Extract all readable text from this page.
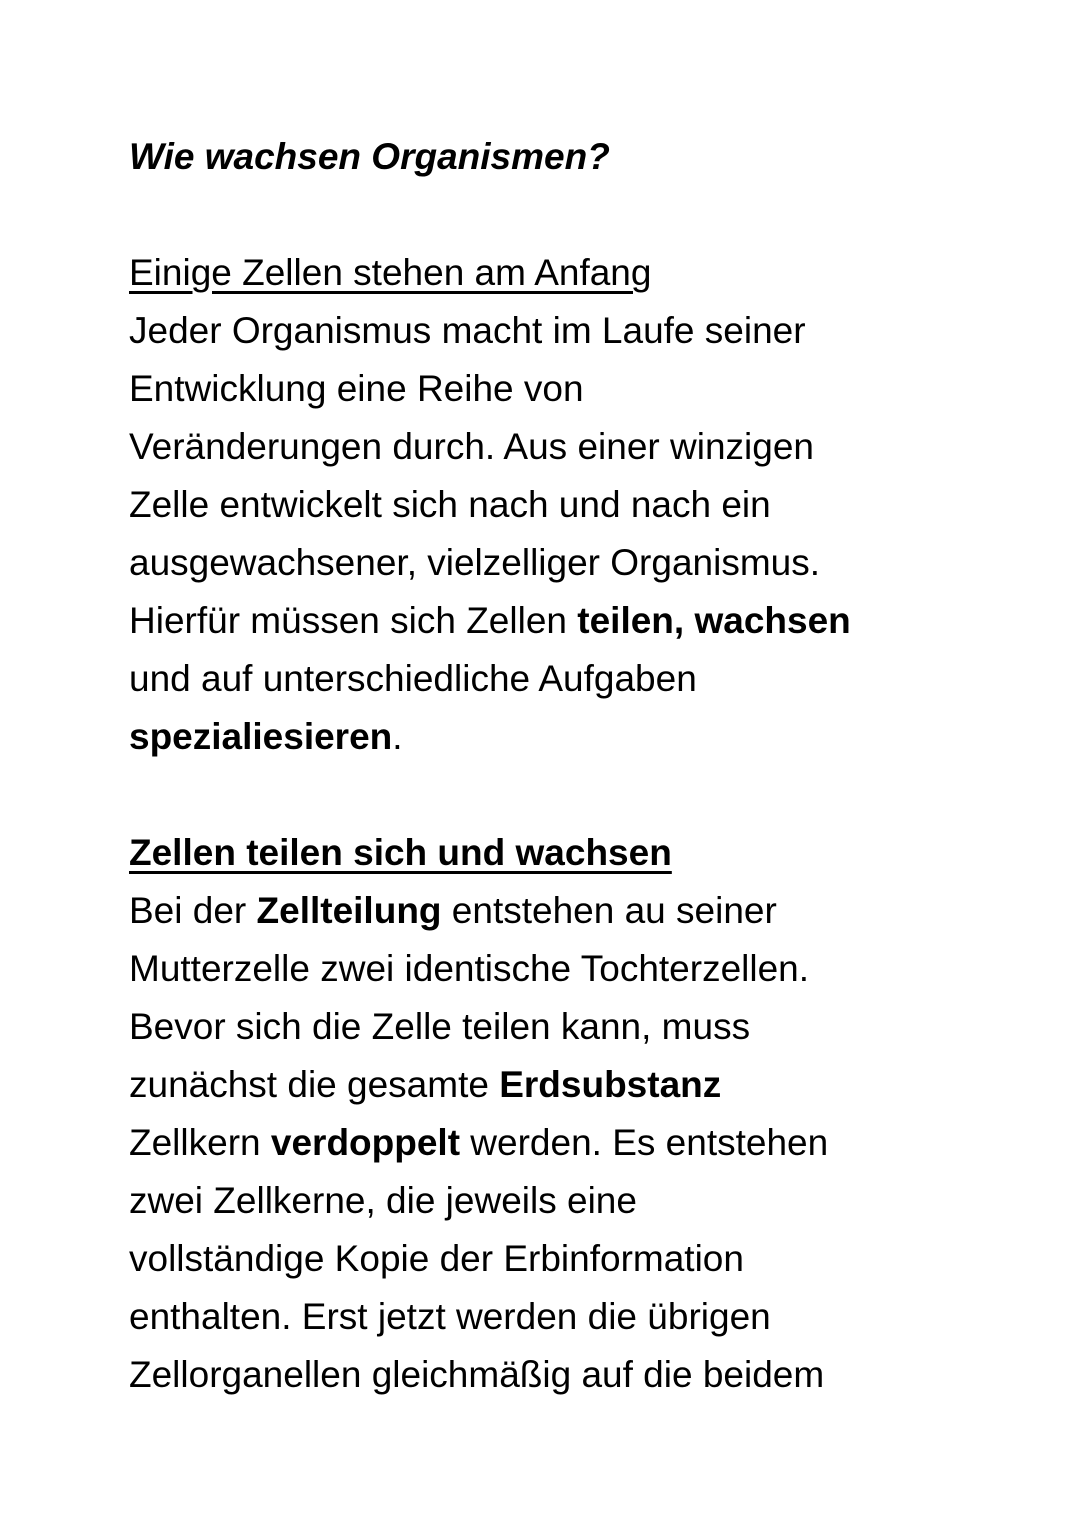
Wie wachsen Organismen?
Einige Zellen stehen am Anfang
Jeder Organismus macht im Laufe seiner
Entwicklung eine Reihe von
Veränderungen durch. Aus einer winzigen
Zelle entwickelt sich nach und nach ein
ausgewachsener, vielzelliger Organismus.
Hierfür müssen sich Zellen teilen, wachsen
und auf unterschiedliche Aufgaben
spezialiesieren.
Zellen teilen sich und wachsen
Bei der Zellteilung entstehen au seiner
Mutterzelle zwei identische Tochterzellen.
Bevor sich die Zelle teilen kann, muss
zunächst die gesamte Erdsubstanz
Zellkern verdoppelt werden. Es entstehen
zwei Zellkerne, die jeweils eine
vollständige Kopie der Erbinformation
enthalten. Erst jetzt werden die übrigen
Zellorganellen gleichmäßig auf die beidem
